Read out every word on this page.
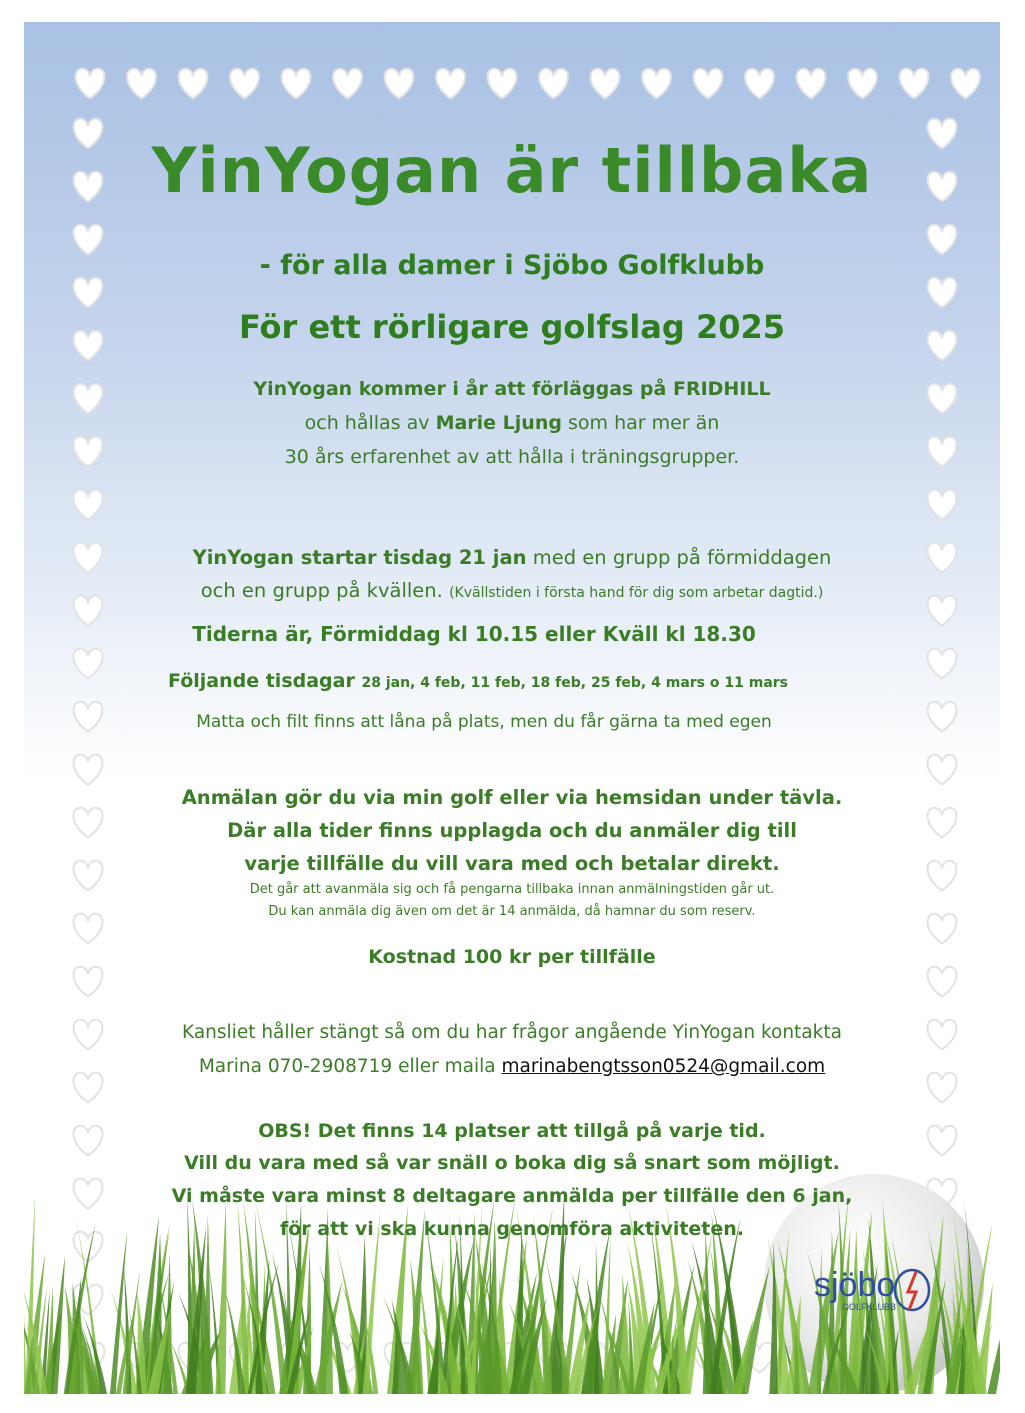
YinYogan är tillbaka
- för alla damer i Sjöbo Golfklubb
För ett rörligare golfslag 2025
YinYogan kommer i år att förläggas på FRIDHILL
och hållas av Marie Ljung som har mer än
30 års erfarenhet av att hålla i träningsgrupper.
YinYogan startar tisdag 21 jan med en grupp på förmiddagen
och en grupp på kvällen. (Kvällstiden i första hand för dig som arbetar dagtid.)
Tiderna är, Förmiddag kl 10.15 eller Kväll kl 18.30
Följande tisdagar 28 jan, 4 feb, 11 feb, 18 feb, 25 feb, 4 mars o 11 mars
Matta och filt finns att låna på plats, men du får gärna ta med egen
Anmälan gör du via min golf eller via hemsidan under tävla.
Där alla tider finns upplagda och du anmäler dig till
varje tillfälle du vill vara med och betalar direkt.
Det går att avanmäla sig och få pengarna tillbaka innan anmälningstiden går ut.
Du kan anmäla dig även om det är 14 anmälda, då hamnar du som reserv.
Kostnad 100 kr per tillfälle
Kansliet håller stängt så om du har frågor angående YinYogan kontakta
Marina 070-2908719 eller maila marinabengtsson0524@gmail.com
OBS! Det finns 14 platser att tillgå på varje tid.
Vill du vara med så var snäll o boka dig så snart som möjligt.
Vi måste vara minst 8 deltagare anmälda per tillfälle den 6 jan,
för att vi ska kunna genomföra aktiviteten.
sjöbo
GOLFKLUBB
